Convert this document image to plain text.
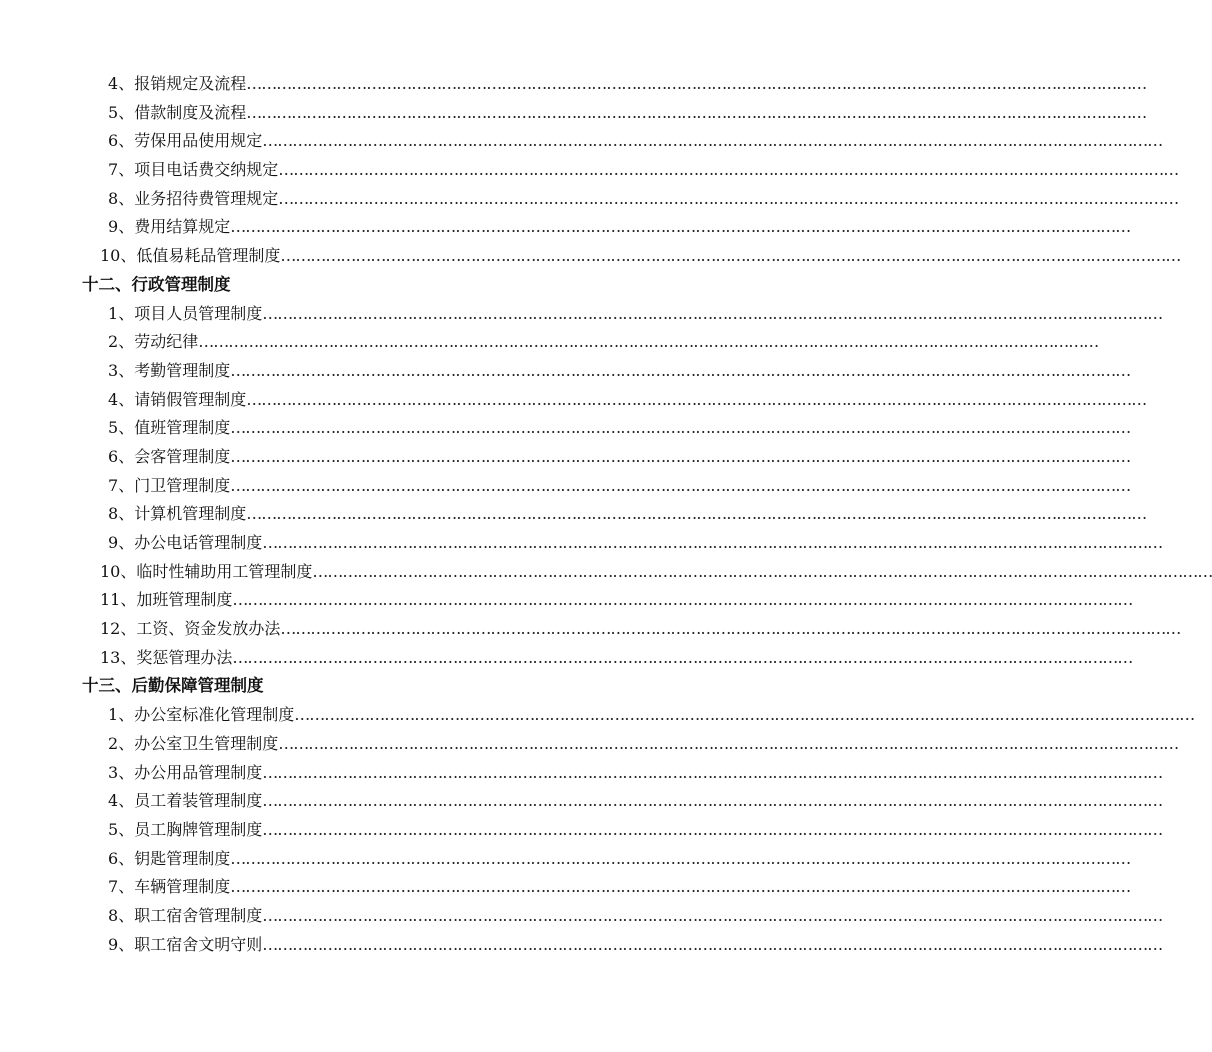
4、报销规定及流程………………………………………………………………………………………………………………………………………………………………
5、借款制度及流程………………………………………………………………………………………………………………………………………………………………
6、劳保用品使用规定………………………………………………………………………………………………………………………………………………………………
7、项目电话费交纳规定………………………………………………………………………………………………………………………………………………………………
8、业务招待费管理规定………………………………………………………………………………………………………………………………………………………………
9、费用结算规定………………………………………………………………………………………………………………………………………………………………
10、低值易耗品管理制度………………………………………………………………………………………………………………………………………………………………
十二、行政管理制度
1、项目人员管理制度………………………………………………………………………………………………………………………………………………………………
2、劳动纪律………………………………………………………………………………………………………………………………………………………………
3、考勤管理制度………………………………………………………………………………………………………………………………………………………………
4、请销假管理制度………………………………………………………………………………………………………………………………………………………………
5、值班管理制度………………………………………………………………………………………………………………………………………………………………
6、会客管理制度………………………………………………………………………………………………………………………………………………………………
7、门卫管理制度………………………………………………………………………………………………………………………………………………………………
8、计算机管理制度………………………………………………………………………………………………………………………………………………………………
9、办公电话管理制度………………………………………………………………………………………………………………………………………………………………
10、临时性辅助用工管理制度………………………………………………………………………………………………………………………………………………………………
11、加班管理制度………………………………………………………………………………………………………………………………………………………………
12、工资、资金发放办法………………………………………………………………………………………………………………………………………………………………
13、奖惩管理办法………………………………………………………………………………………………………………………………………………………………
十三、后勤保障管理制度
1、办公室标准化管理制度………………………………………………………………………………………………………………………………………………………………
2、办公室卫生管理制度………………………………………………………………………………………………………………………………………………………………
3、办公用品管理制度………………………………………………………………………………………………………………………………………………………………
4、员工着装管理制度………………………………………………………………………………………………………………………………………………………………
5、员工胸牌管理制度………………………………………………………………………………………………………………………………………………………………
6、钥匙管理制度………………………………………………………………………………………………………………………………………………………………
7、车辆管理制度………………………………………………………………………………………………………………………………………………………………
8、职工宿舍管理制度………………………………………………………………………………………………………………………………………………………………
9、职工宿舍文明守则………………………………………………………………………………………………………………………………………………………………
